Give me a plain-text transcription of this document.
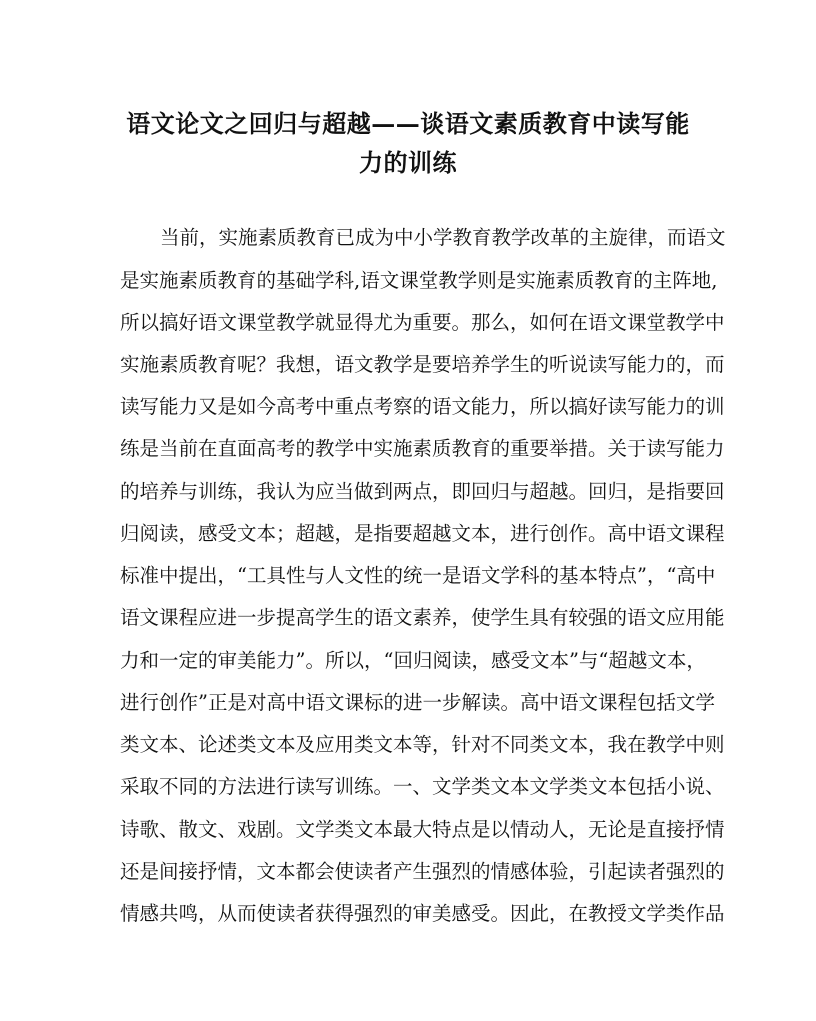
语文论文之回归与超越——谈语文素质教育中读写能
力的训练
当前，实施素质教育已成为中小学教育教学改革的主旋律，而语文
是实施素质教育的基础学科,语文课堂教学则是实施素质教育的主阵地,
所以搞好语文课堂教学就显得尤为重要。那么，如何在语文课堂教学中
实施素质教育呢？我想，语文教学是要培养学生的听说读写能力的，而
读写能力又是如今高考中重点考察的语文能力，所以搞好读写能力的训
练是当前在直面高考的教学中实施素质教育的重要举措。关于读写能力
的培养与训练，我认为应当做到两点，即回归与超越。回归，是指要回
归阅读，感受文本；超越，是指要超越文本，进行创作。高中语文课程
标准中提出，“工具性与人文性的统一是语文学科的基本特点”，“高中
语文课程应进一步提高学生的语文素养，使学生具有较强的语文应用能
力和一定的审美能力”。所以，“回归阅读，感受文本”与“超越文本，
进行创作”正是对高中语文课标的进一步解读。高中语文课程包括文学
类文本、论述类文本及应用类文本等，针对不同类文本，我在教学中则
采取不同的方法进行读写训练。一、文学类文本文学类文本包括小说、
诗歌、散文、戏剧。文学类文本最大特点是以情动人，无论是直接抒情
还是间接抒情，文本都会使读者产生强烈的情感体验，引起读者强烈的
情感共鸣，从而使读者获得强烈的审美感受。因此，在教授文学类作品
